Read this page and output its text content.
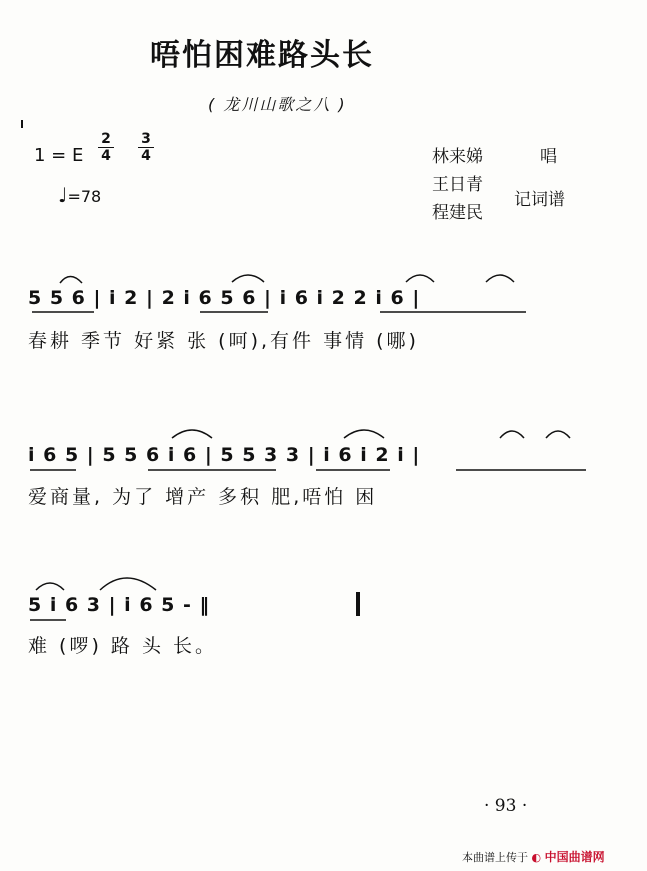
唔怕困难路头长
( 龙川山歌之八 )
1 = E
2
4
3
4
♩=78
林来娣	唱
王日青
程建民
记词谱
5 5 6 | i 2 | 2 i 6 5 6 | i 6 i 2 2 i 6 |
春耕 季节 好紧 张 (呵),有件 事情 (哪)
i 6 5 | 5 5 6 i 6 | 5 5 3 3 | i 6 i 2 i |
爱商量, 为了 增产 多积 肥,唔怕 困
5 i 6 3 | i 6 5 - ‖
难 (啰) 路 头 长。
· 93 ·
本曲谱上传于 ◐ 中国曲谱网
